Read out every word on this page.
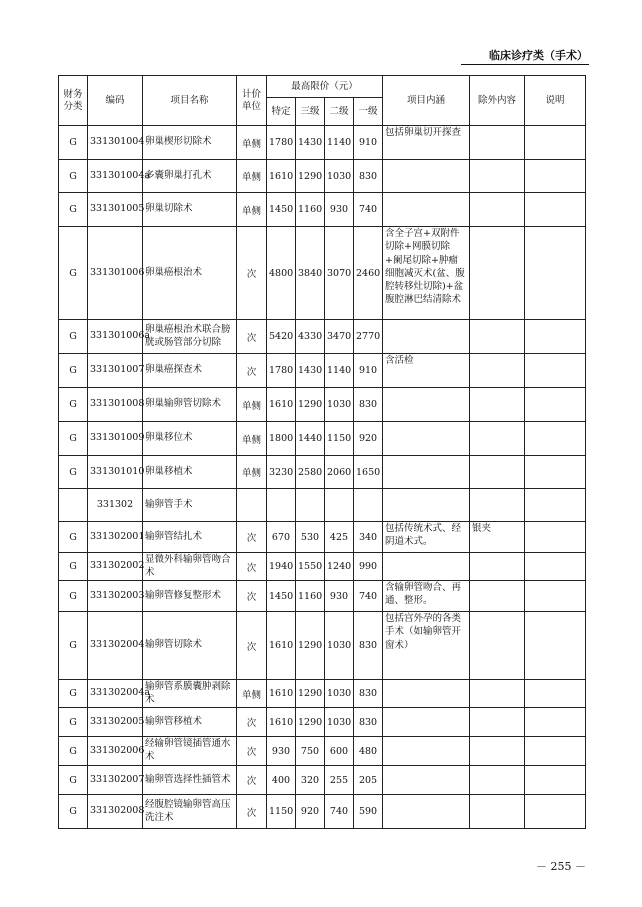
临床诊疗类（手术）
财务分类	编码	项目名称	计价单位	最高限价（元）				项目内涵	除外内容	说明
				特定	三级	二级	一级			
G	331301004	卵巢楔形切除术	单侧	1780	1430	1140	910	包括卵巢切开探查		
G	331301004a	多囊卵巢打孔术	单侧	1610	1290	1030	830			
G	331301005	卵巢切除术	单侧	1450	1160	930	740			
G	331301006	卵巢癌根治术	次	4800	3840	3070	2460	含全子宫+双附件切除+网膜切除+阑尾切除+肿瘤细胞减灭术(盆、腹腔转移灶切除)+盆腹腔淋巴结清除术		
G	331301006a	卵巢癌根治术联合膀胱或肠管部分切除	次	5420	4330	3470	2770			
G	331301007	卵巢癌探查术	次	1780	1430	1140	910	含活检		
G	331301008	卵巢输卵管切除术	单侧	1610	1290	1030	830			
G	331301009	卵巢移位术	单侧	1800	1440	1150	920			
G	331301010	卵巢移植术	单侧	3230	2580	2060	1650			
	331302	输卵管手术								
G	331302001	输卵管结扎术	次	670	530	425	340	包括传统术式、经阴道术式。	银夹	
G	331302002	显微外科输卵管吻合术	次	1940	1550	1240	990			
G	331302003	输卵管修复整形术	次	1450	1160	930	740	含输卵管吻合、再通、整形。		
G	331302004	输卵管切除术	次	1610	1290	1030	830	包括宫外孕的各类手术（如输卵管开窗术）		
G	331302004a	输卵管系膜囊肿剥除术	单侧	1610	1290	1030	830			
G	331302005	输卵管移植术	次	1610	1290	1030	830			
G	331302006	经输卵管镜插管通水术	次	930	750	600	480			
G	331302007	输卵管选择性插管术	次	400	320	255	205			
G	331302008	经腹腔镜输卵管高压洗注术	次	1150	920	740	590			
－ 255 －
